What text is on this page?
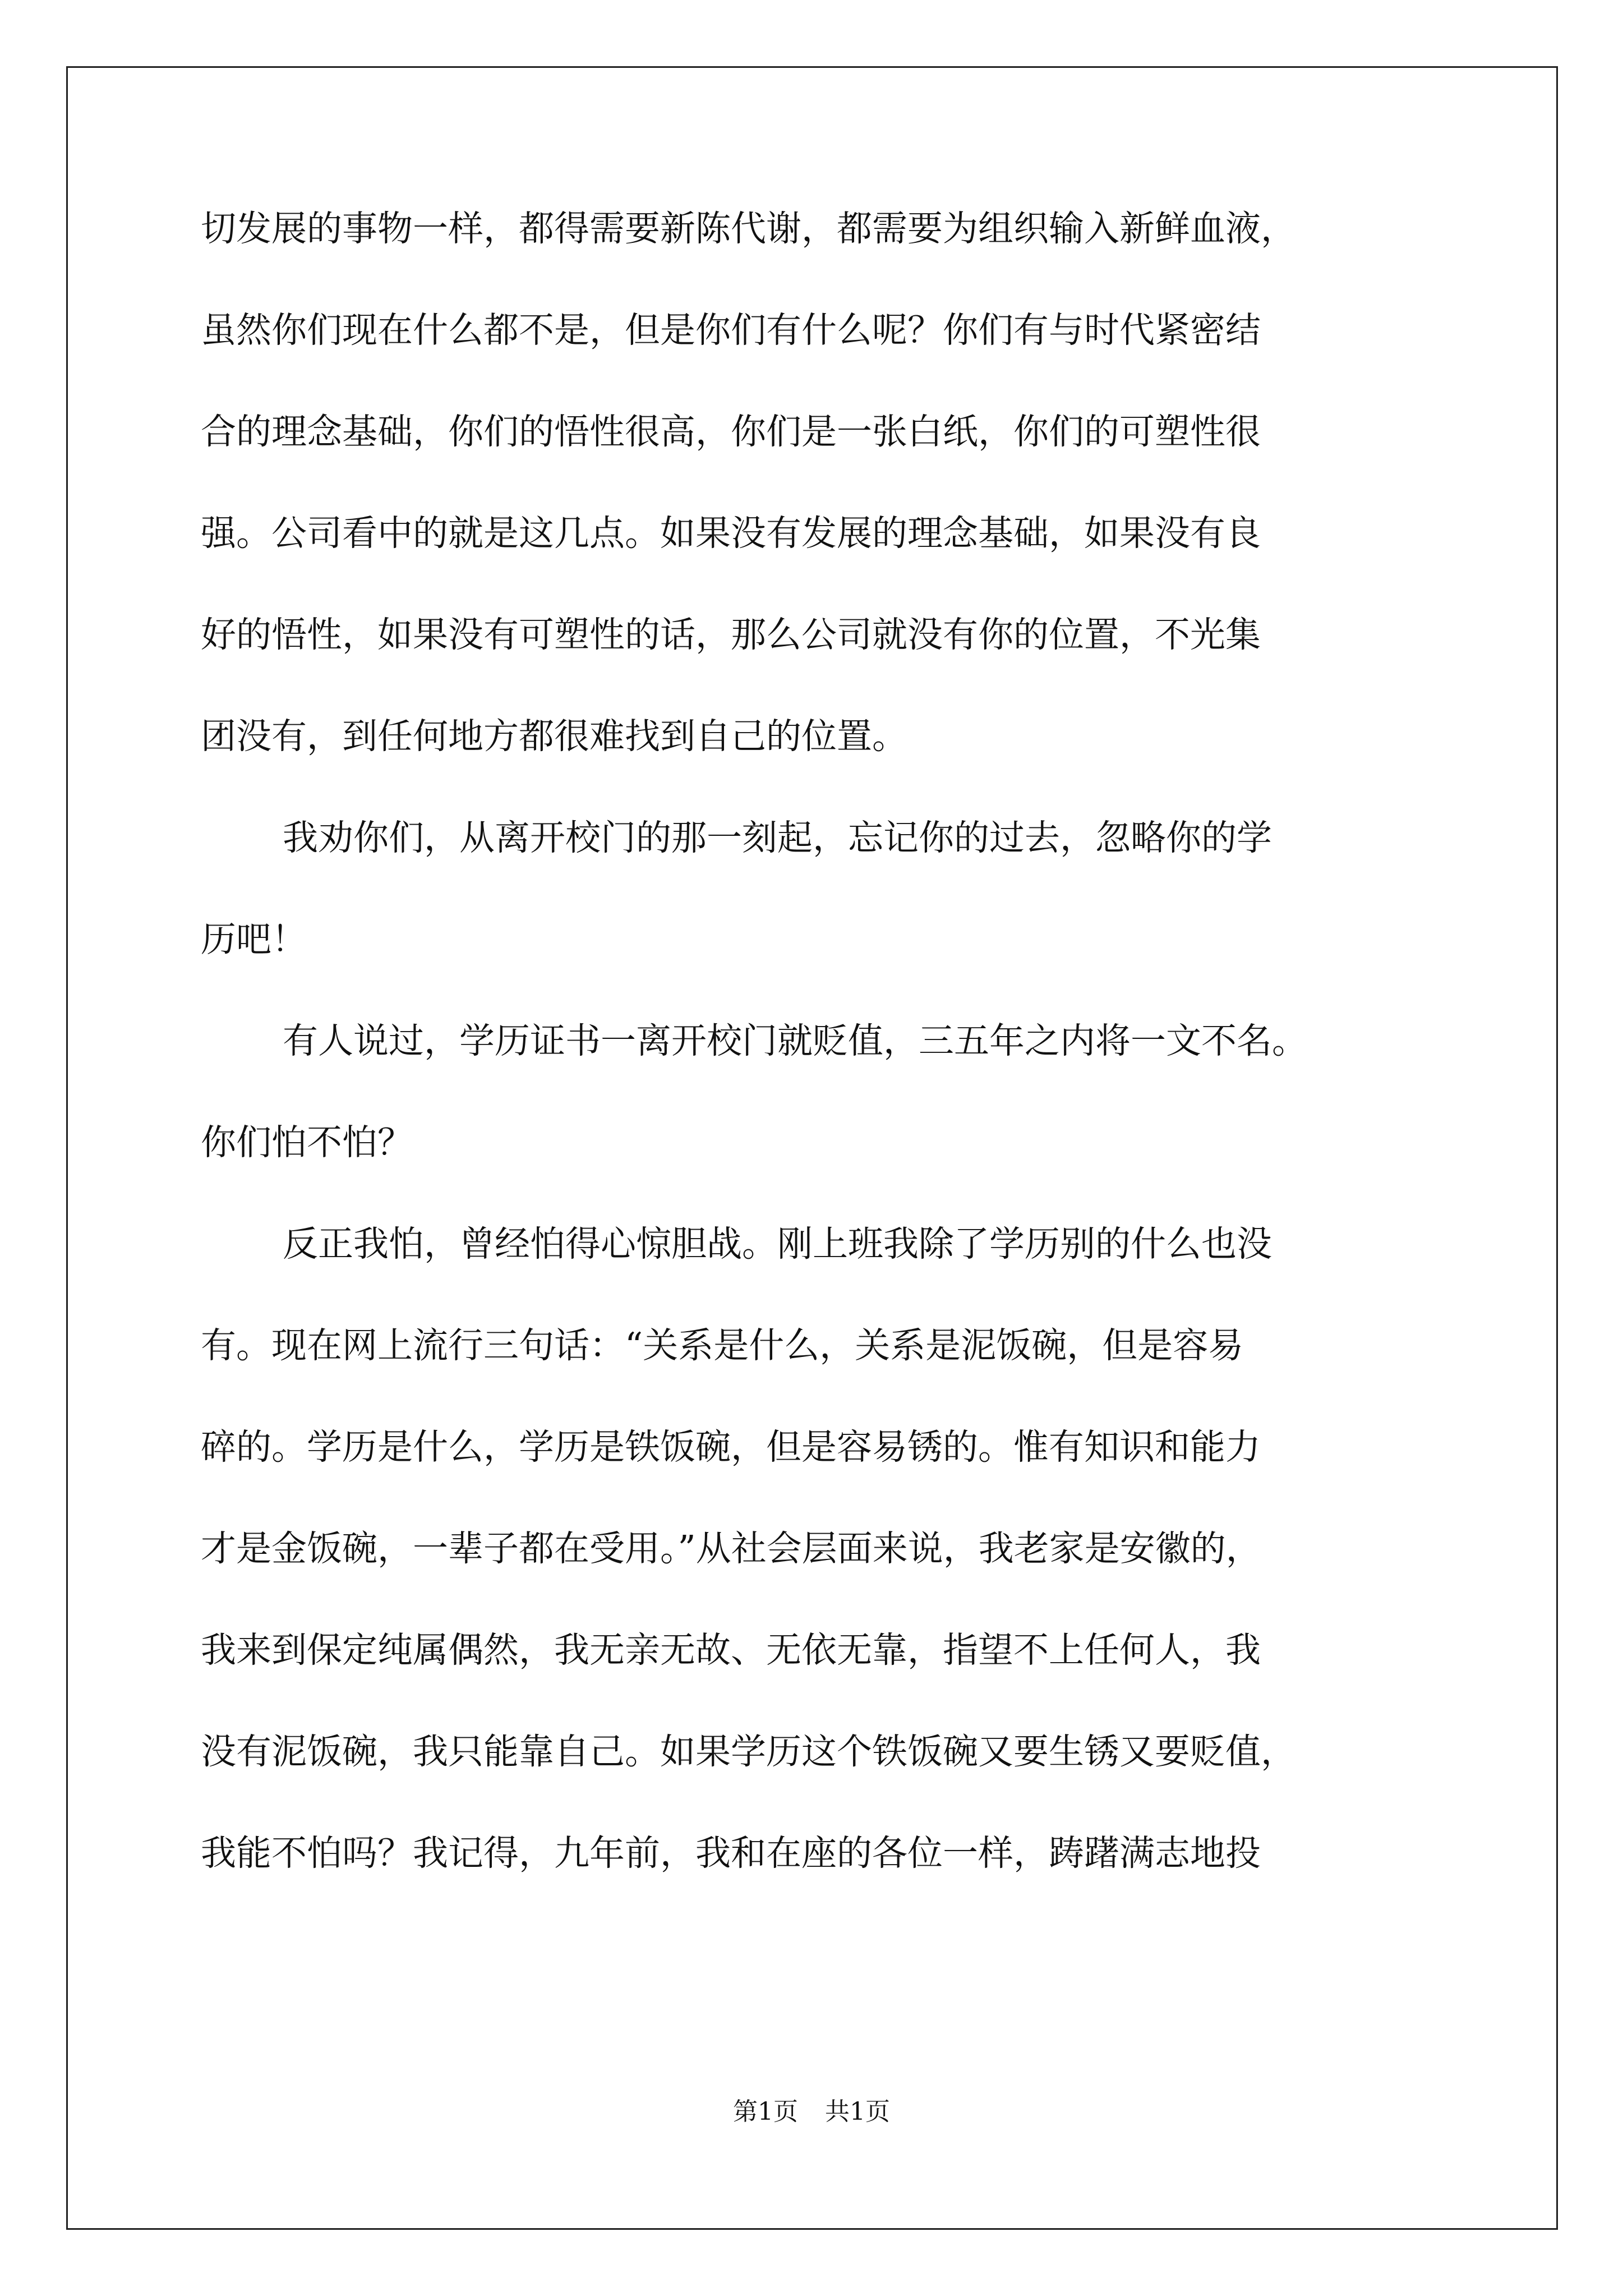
切发展的事物一样，都得需要新陈代谢，都需要为组织输入新鲜血液，
虽然你们现在什么都不是，但是你们有什么呢？你们有与时代紧密结
合的理念基础，你们的悟性很高，你们是一张白纸，你们的可塑性很
强。公司看中的就是这几点。如果没有发展的理念基础，如果没有良
好的悟性，如果没有可塑性的话，那么公司就没有你的位置，不光集
团没有，到任何地方都很难找到自己的位置。
我劝你们，从离开校门的那一刻起，忘记你的过去，忽略你的学
历吧！
有人说过，学历证书一离开校门就贬值，三五年之内将一文不名。
你们怕不怕？
反正我怕，曾经怕得心惊胆战。刚上班我除了学历别的什么也没
有。现在网上流行三句话：“关系是什么，关系是泥饭碗，但是容易
碎的。学历是什么，学历是铁饭碗，但是容易锈的。惟有知识和能力
才是金饭碗，一辈子都在受用。”从社会层面来说，我老家是安徽的，
我来到保定纯属偶然，我无亲无故、无依无靠，指望不上任何人，我
没有泥饭碗，我只能靠自己。如果学历这个铁饭碗又要生锈又要贬值，
我能不怕吗？我记得，九年前，我和在座的各位一样，踌躇满志地投
第1页 共1页
